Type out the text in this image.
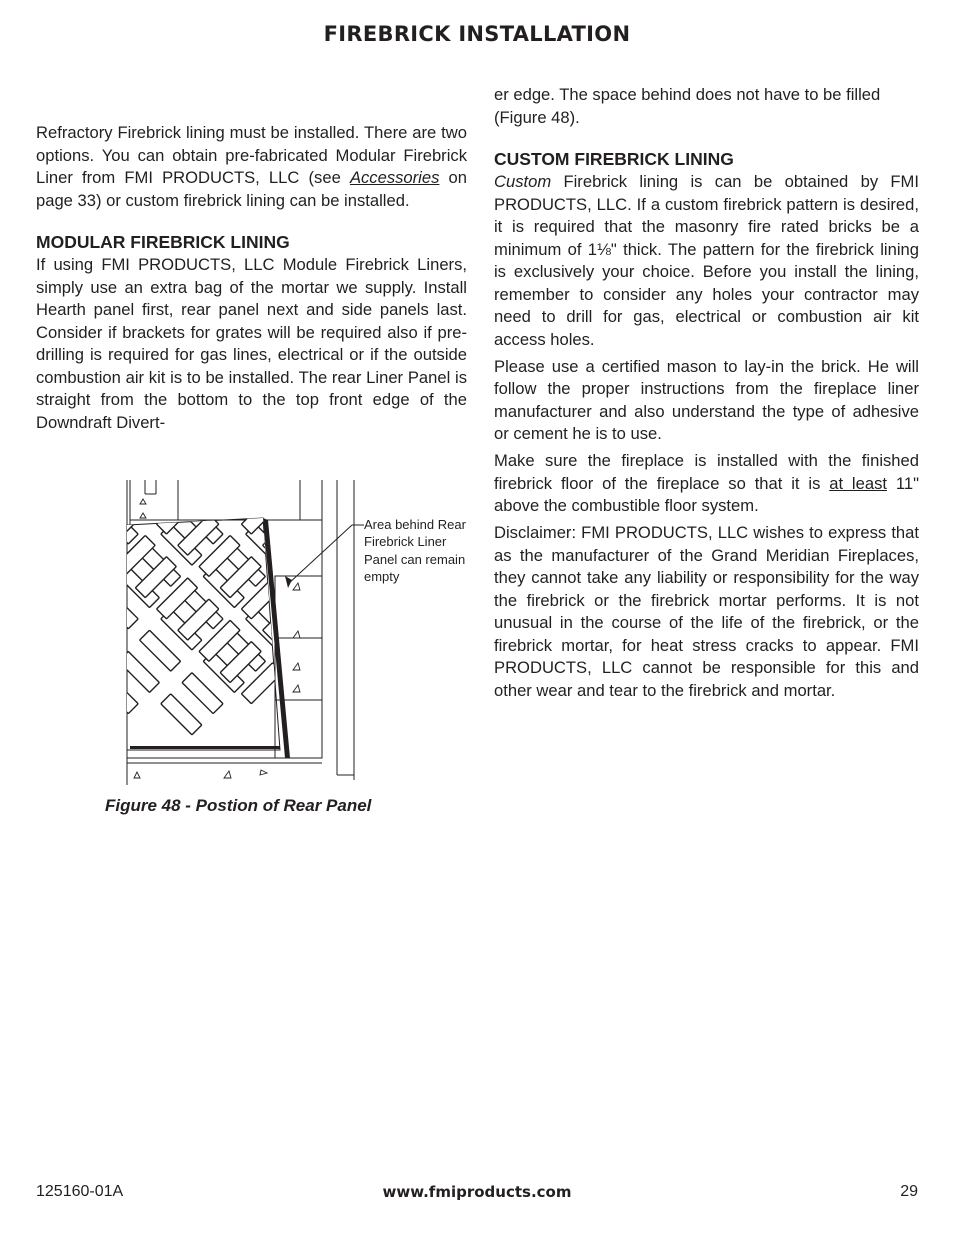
FIREBRICK INSTALLATION

Refractory Firebrick lining must be installed. There are two options. You can obtain pre-fabricated Modular Firebrick Liner from FMI PRODUCTS, LLC (see Accessories on page 33) or custom firebrick lining can be installed.

MODULAR FIREBRICK LINING

If using FMI PRODUCTS, LLC Module Firebrick Liners, simply use an extra bag of the mortar we supply. Install Hearth panel first, rear panel next and side panels last. Consider if brackets for grates will be required also if pre-drilling is required for gas lines, electrical or if the outside combustion air kit is to be installed. The rear Liner Panel is straight from the bottom to the top front edge of the Downdraft Divert-

Area behind Rear Firebrick Liner Panel can remain empty
Figure 48 - Postion of Rear Panel

er edge. The space behind does not have to be filled (Figure 48).

CUSTOM FIREBRICK LINING

Custom Firebrick lining is can be obtained by FMI PRODUCTS, LLC. If a custom firebrick pattern is desired, it is required that the masonry fire rated bricks be a minimum of 1⅛" thick. The pattern for the firebrick lining is exclusively your choice. Before you install the lining, remember to consider any holes your contractor may need to drill for gas, electrical or combustion air kit access holes.

Please use a certified mason to lay-in the brick. He will follow the proper instructions from the fireplace liner manufacturer and also understand the type of adhesive or cement he is to use.

Make sure the fireplace is installed with the finished firebrick floor of the fireplace so that it is at least 11" above the combustible floor system.

Disclaimer: FMI PRODUCTS, LLC wishes to express that as the manufacturer of the Grand Meridian Fireplaces, they cannot take any liability or responsibility for the way the firebrick or the firebrick mortar performs. It is not unusual in the course of the life of the firebrick, or the firebrick mortar, for heat stress cracks to appear. FMI PRODUCTS, LLC cannot be responsible for this and other wear and tear to the firebrick and mortar.

125160-01A	www.fmiproducts.com	29
